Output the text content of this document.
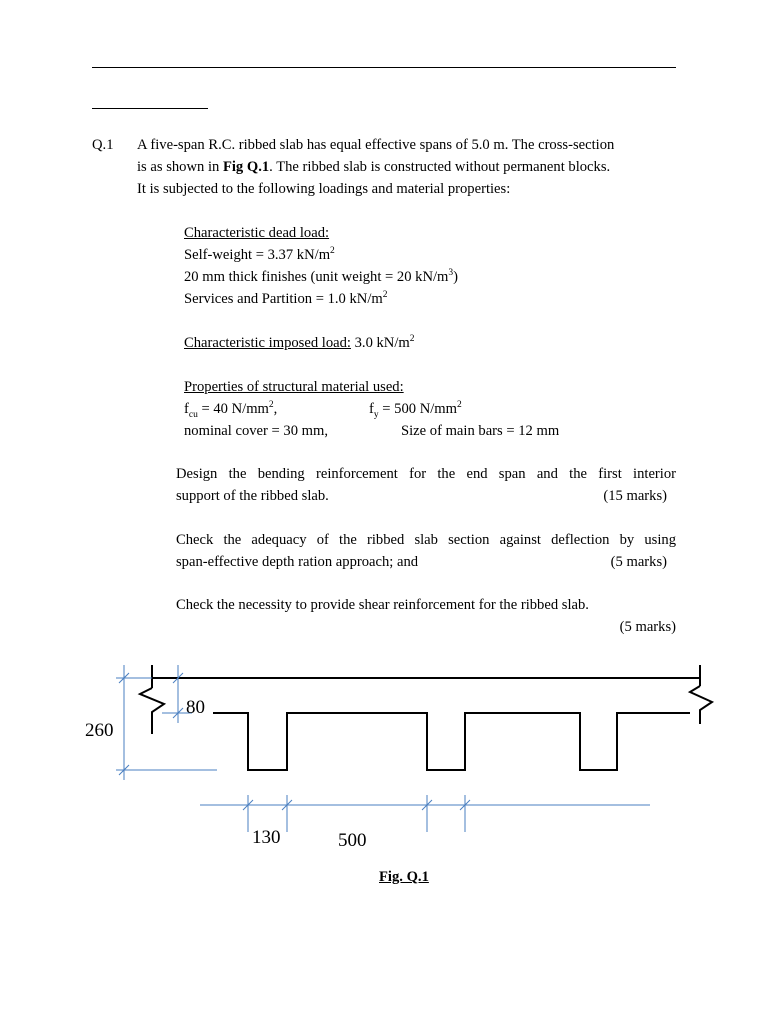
Q.1 A five-span R.C. ribbed slab has equal effective spans of 5.0 m. The cross-section
is as shown in Fig Q.1. The ribbed slab is constructed without permanent blocks.
It is subjected to the following loadings and material properties:
Characteristic dead load:
Self-weight = 3.37 $kN/m^2$
20 mm thick finishes (unit weight = 20 $kN/m^3$)
Services and Partition = 1.0 $kN/m^2$
Characteristic imposed load: 3.0 $kN/m^2$
Properties of structural material used:
$f_{cu} = 40$ $N/mm^2$,	$f_y = 500$ $N/mm^2$
nominal cover = 30 mm,	Size of main bars = 12 mm
Design the bending reinforcement for the end span and the first interior
support of the ribbed slab.	(15 marks)
Check the adequacy of the ribbed slab section against deflection by using
span-effective depth ration approach; and	(5 marks)
Check the necessity to provide shear reinforcement for the ribbed slab.
(5 marks)
260
80
130	500
Fig. Q.1
